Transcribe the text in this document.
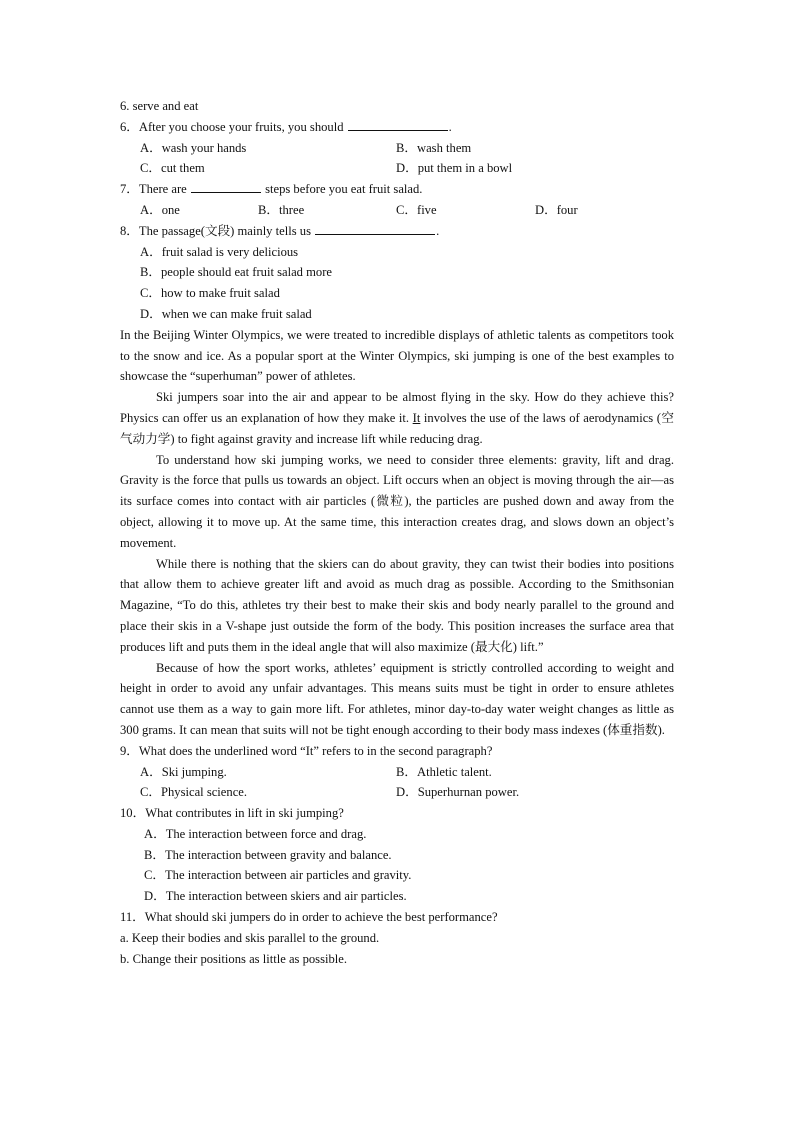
6. serve and eat
6．After you choose your fruits, you should	.
A．wash your hands	B．wash them
C．cut them	D．put them in a bowl
7．There are	steps before you eat fruit salad.
A．one	B．three	C．five	D．four
8．The passage(文段) mainly tells us	.
A．fruit salad is very delicious
B．people should eat fruit salad more
C．how to make fruit salad
D．when we can make fruit salad

In the Beijing Winter Olympics, we were treated to incredible displays of athletic talents as competitors took to the snow and ice. As a popular sport at the Winter Olympics, ski jumping is one of the best examples to showcase the “superhuman” power of athletes.

Ski jumpers soar into the air and appear to be almost flying in the sky. How do they achieve this? Physics can offer us an explanation of how they make it. It involves the use of the laws of aerodynamics (空气动力学) to fight against gravity and increase lift while reducing drag.

To understand how ski jumping works, we need to consider three elements: gravity, lift and drag. Gravity is the force that pulls us towards an object. Lift occurs when an object is moving through the air—as its surface comes into contact with air particles (微粒), the particles are pushed down and away from the object, allowing it to move up. At the same time, this interaction creates drag, and slows down an object’s movement.

While there is nothing that the skiers can do about gravity, they can twist their bodies into positions that allow them to achieve greater lift and avoid as much drag as possible. According to the Smithsonian Magazine, “To do this, athletes try their best to make their skis and body nearly parallel to the ground and place their skis in a V-shape just outside the form of the body. This position increases the surface area that produces lift and puts them in the ideal angle that will also maximize (最大化) lift.”

Because of how the sport works, athletes’ equipment is strictly controlled according to weight and height in order to avoid any unfair advantages. This means suits must be tight in order to ensure athletes cannot use them as a way to gain more lift. For athletes, minor day-to-day water weight changes as little as 300 grams. It can mean that suits will not be tight enough according to their body mass indexes (体重指数).

9．What does the underlined word “It” refers to in the second paragraph?
A．Ski jumping.	B．Athletic talent.
C．Physical science.	D．Superhurnan power.
10．What contributes in lift in ski jumping?
A．The interaction between force and drag.
B．The interaction between gravity and balance.
C．The interaction between air particles and gravity.
D．The interaction between skiers and air particles.
11．What should ski jumpers do in order to achieve the best performance?
a. Keep their bodies and skis parallel to the ground.
b. Change their positions as little as possible.
